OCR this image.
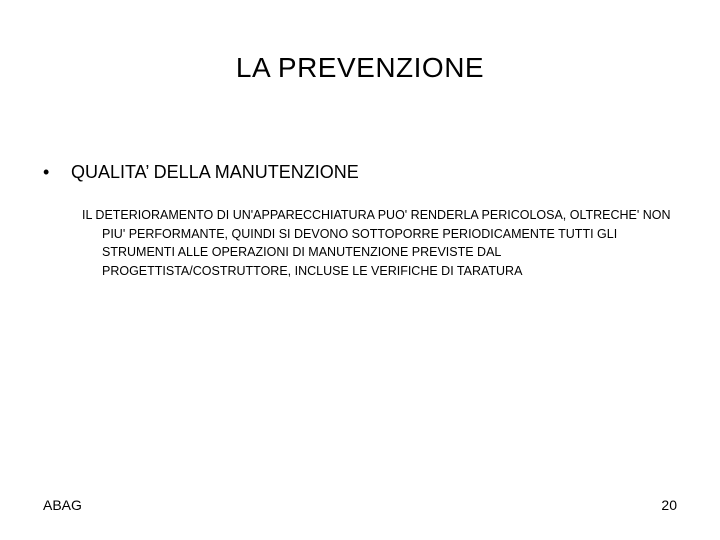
LA PREVENZIONE
•	QUALITA’ DELLA MANUTENZIONE
IL DETERIORAMENTO DI UN'APPARECCHIATURA PUO' RENDERLA PERICOLOSA, OLTRECHE' NON PIU' PERFORMANTE, QUINDI SI DEVONO SOTTOPORRE PERIODICAMENTE TUTTI GLI STRUMENTI ALLE OPERAZIONI DI MANUTENZIONE PREVISTE DAL PROGETTISTA/COSTRUTTORE, INCLUSE LE VERIFICHE DI TARATURA
ABAG	20
